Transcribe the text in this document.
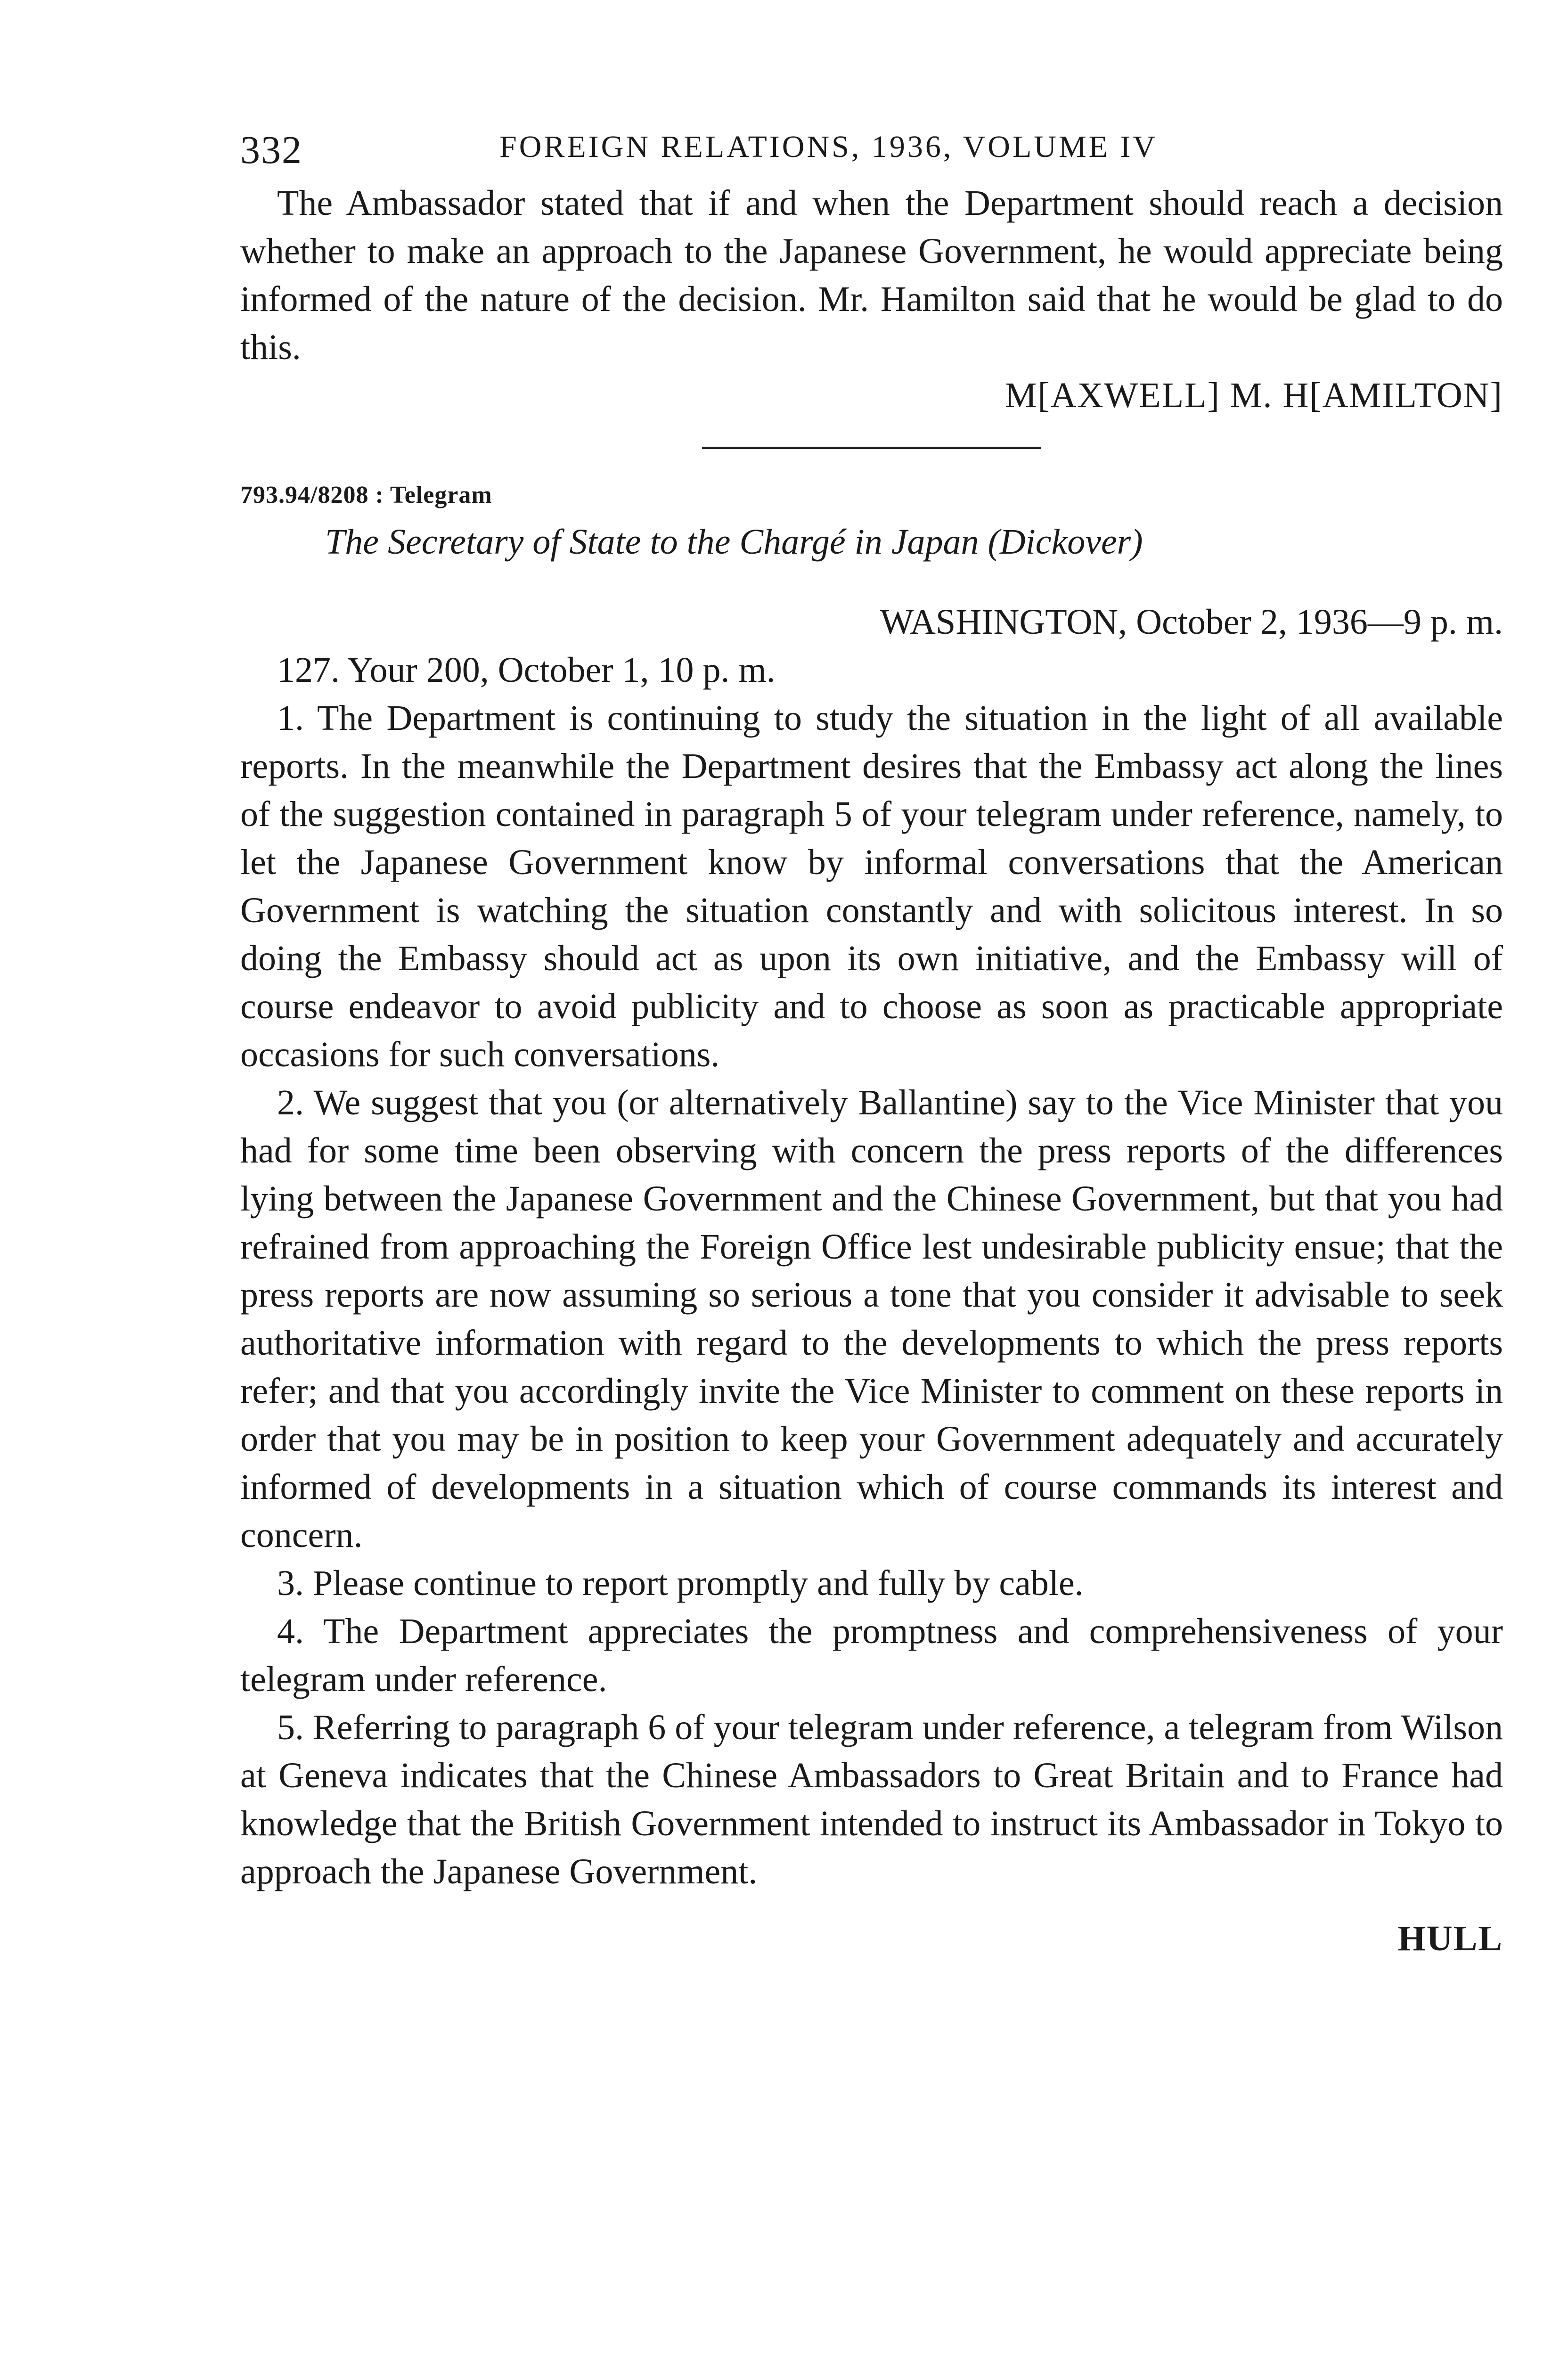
332	FOREIGN RELATIONS, 1936, VOLUME IV

The Ambassador stated that if and when the Department should reach a decision whether to make an approach to the Japanese Government, he would appreciate being informed of the nature of the decision. Mr. Hamilton said that he would be glad to do this.

M[AXWELL] M. H[AMILTON]
793.94/8208 : Telegram
The Secretary of State to the Chargé in Japan (Dickover)
WASHINGTON, October 2, 1936—9 p. m.

127. Your 200, October 1, 10 p. m.

1. The Department is continuing to study the situation in the light of all available reports. In the meanwhile the Department desires that the Embassy act along the lines of the suggestion contained in paragraph 5 of your telegram under reference, namely, to let the Japanese Government know by informal conversations that the American Government is watching the situation constantly and with solicitous interest. In so doing the Embassy should act as upon its own initiative, and the Embassy will of course endeavor to avoid publicity and to choose as soon as practicable appropriate occasions for such conversations.

2. We suggest that you (or alternatively Ballantine) say to the Vice Minister that you had for some time been observing with concern the press reports of the differences lying between the Japanese Government and the Chinese Government, but that you had refrained from approaching the Foreign Office lest undesirable publicity ensue; that the press reports are now assuming so serious a tone that you consider it advisable to seek authoritative information with regard to the developments to which the press reports refer; and that you accordingly invite the Vice Minister to comment on these reports in order that you may be in position to keep your Government adequately and accurately informed of developments in a situation which of course commands its interest and concern.

3. Please continue to report promptly and fully by cable.

4. The Department appreciates the promptness and comprehensiveness of your telegram under reference.

5. Referring to paragraph 6 of your telegram under reference, a telegram from Wilson at Geneva indicates that the Chinese Ambassadors to Great Britain and to France had knowledge that the British Government intended to instruct its Ambassador in Tokyo to approach the Japanese Government.

HULL
